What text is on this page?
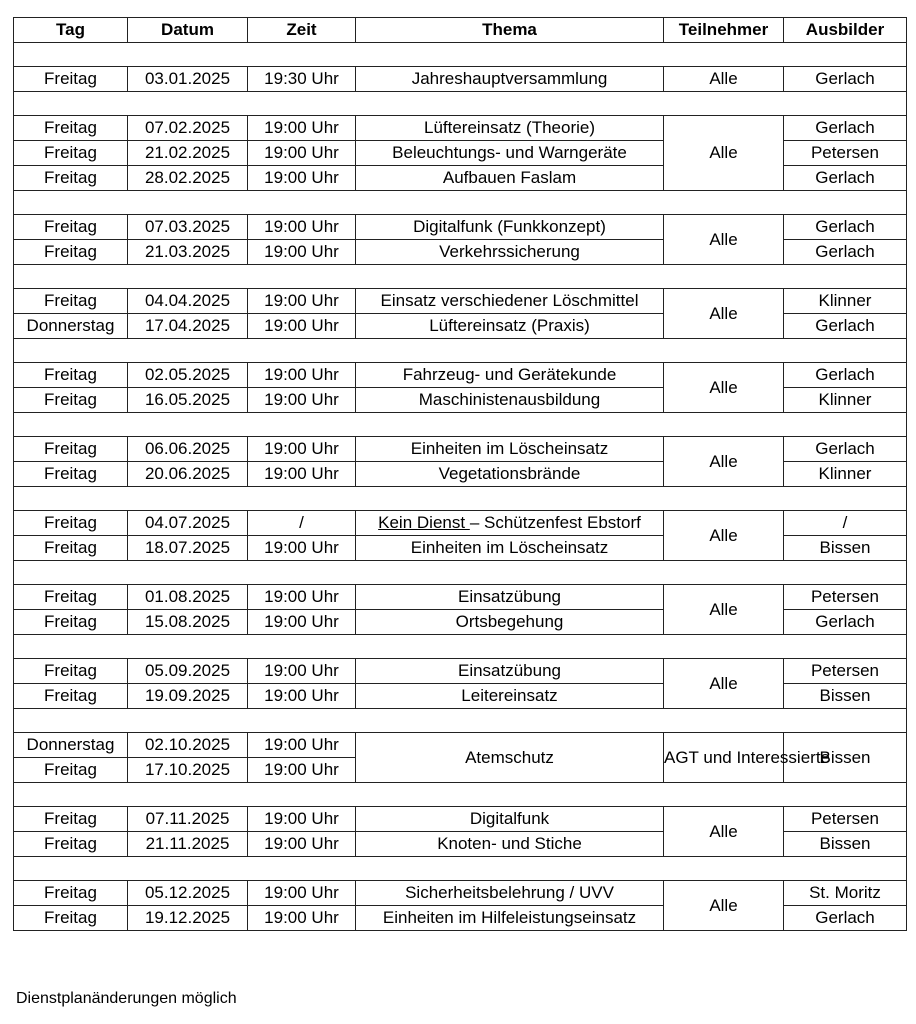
Tag	Datum	Zeit	Thema	Teilnehmer	Ausbilder

Freitag	03.01.2025	19:30 Uhr	Jahreshauptversammlung	Alle	Gerlach

Freitag	07.02.2025	19:00 Uhr	Lüftereinsatz (Theorie)	Alle	Gerlach
Freitag	21.02.2025	19:00 Uhr	Beleuchtungs- und Warngeräte		Petersen
Freitag	28.02.2025	19:00 Uhr	Aufbauen Faslam		Gerlach

Freitag	07.03.2025	19:00 Uhr	Digitalfunk (Funkkonzept)	Alle	Gerlach
Freitag	21.03.2025	19:00 Uhr	Verkehrssicherung		Gerlach

Freitag	04.04.2025	19:00 Uhr	Einsatz verschiedener Löschmittel	Alle	Klinner
Donnerstag	17.04.2025	19:00 Uhr	Lüftereinsatz (Praxis)		Gerlach

Freitag	02.05.2025	19:00 Uhr	Fahrzeug- und Gerätekunde	Alle	Gerlach
Freitag	16.05.2025	19:00 Uhr	Maschinistenausbildung		Klinner

Freitag	06.06.2025	19:00 Uhr	Einheiten im Löscheinsatz	Alle	Gerlach
Freitag	20.06.2025	19:00 Uhr	Vegetationsbrände		Klinner

Freitag	04.07.2025	/	Kein Dienst – Schützenfest Ebstorf	Alle	/
Freitag	18.07.2025	19:00 Uhr	Einheiten im Löscheinsatz		Bissen

Freitag	01.08.2025	19:00 Uhr	Einsatzübung	Alle	Petersen
Freitag	15.08.2025	19:00 Uhr	Ortsbegehung		Gerlach

Freitag	05.09.2025	19:00 Uhr	Einsatzübung	Alle	Petersen
Freitag	19.09.2025	19:00 Uhr	Leitereinsatz		Bissen

Donnerstag	02.10.2025	19:00 Uhr	Atemschutz	AGT und Interessierte	Bissen
Freitag	17.10.2025	19:00 Uhr			

Freitag	07.11.2025	19:00 Uhr	Digitalfunk	Alle	Petersen
Freitag	21.11.2025	19:00 Uhr	Knoten- und Stiche		Bissen

Freitag	05.12.2025	19:00 Uhr	Sicherheitsbelehrung / UVV	Alle	St. Moritz
Freitag	19.12.2025	19:00 Uhr	Einheiten im Hilfeleistungseinsatz		Gerlach
Dienstplanänderungen möglich
